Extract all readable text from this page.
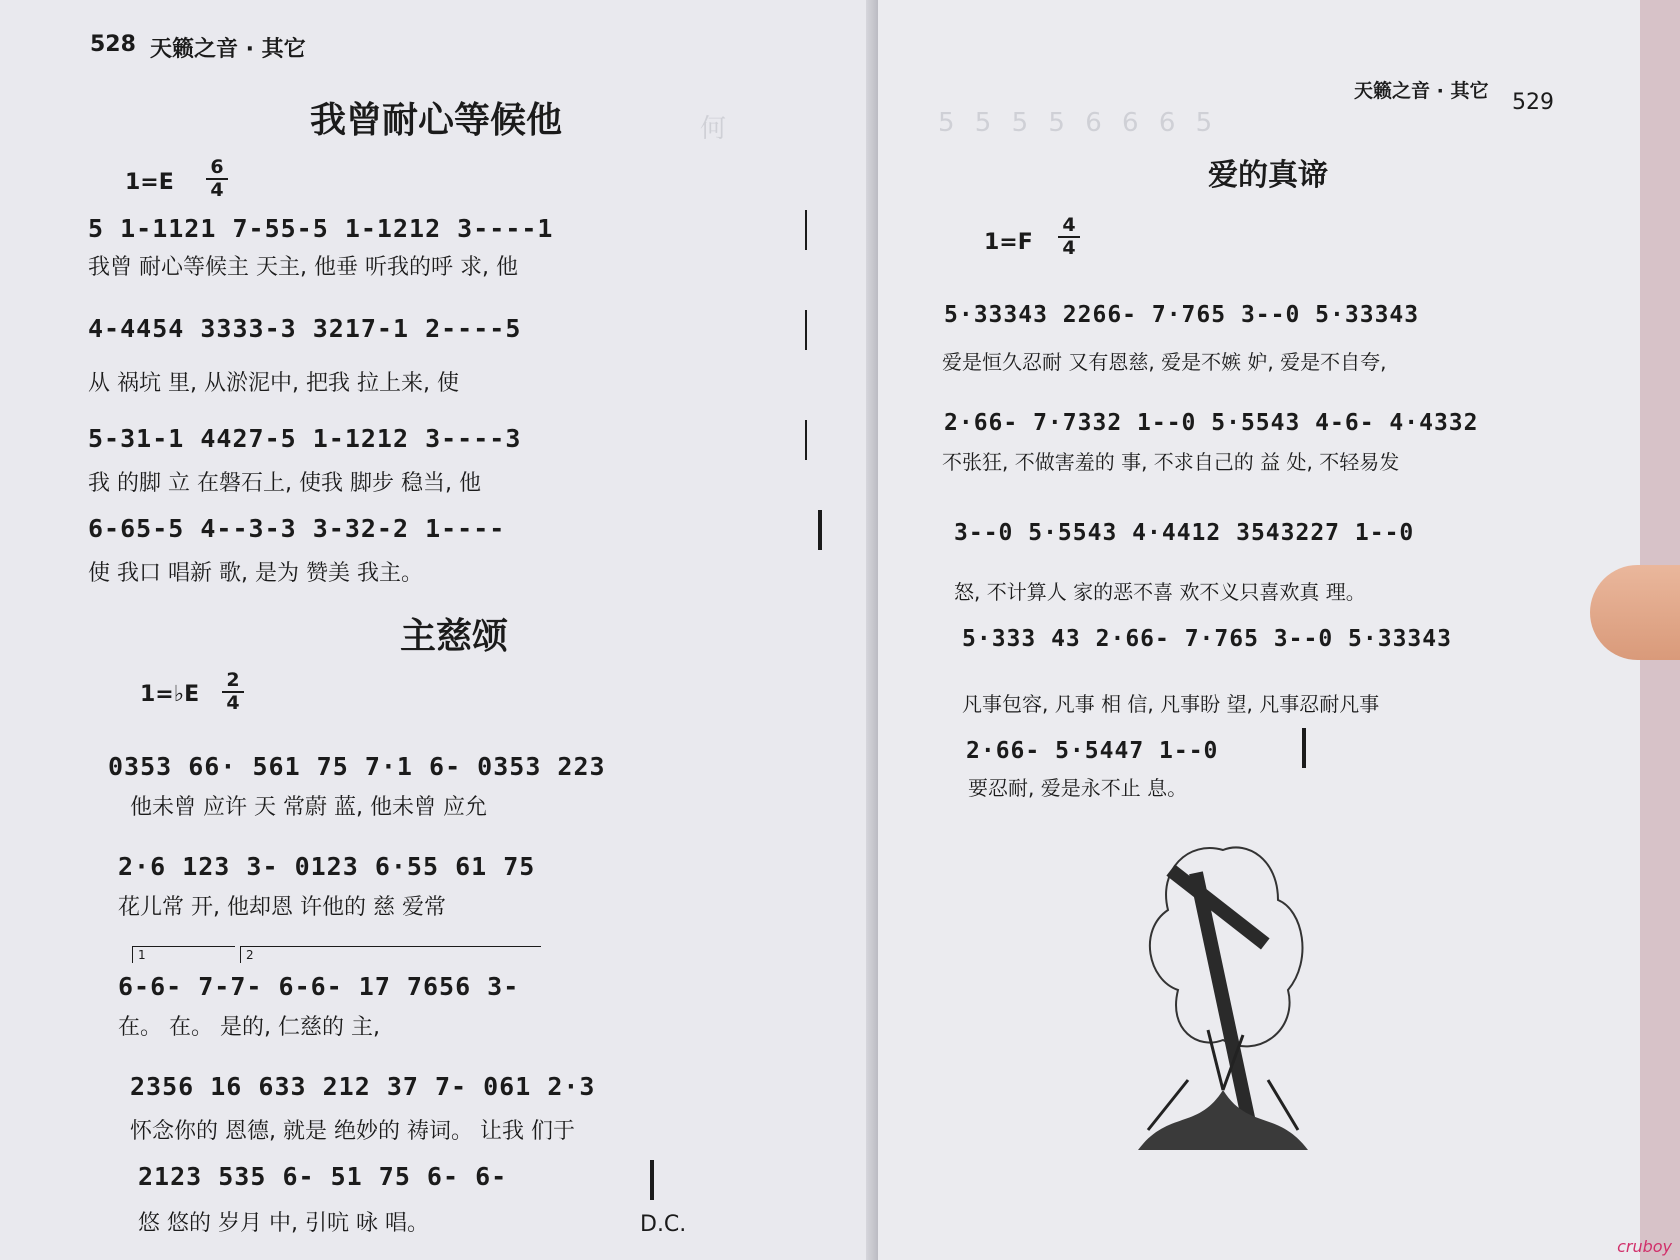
何
528 天籁之音 · 其它
我曾耐心等候他
$1=E \frac{6}{4}$
5 1-1121 7-55-5 1-1212 3----1
我曾 耐心等候主 天主, 他垂 听我的呼 求, 他
4-4454 3333-3 3217-1 2----5
从 祸坑 里, 从淤泥中, 把我 拉上来, 使
5-31-1 4427-5 1-1212 3----3
我 的脚 立 在磐石上, 使我 脚步 稳当, 他
6-65-5 4--3-3 3-32-2 1----
使 我口 唱新 歌, 是为 赞美 我主。
主慈颂
1=♭E $\frac{2}{4}$
0353 66· 561 75 7·1 6- 0353 223
他未曾 应许 天 常蔚 蓝, 他未曾 应允
2·6 123 3- 0123 6·55 61 75
花儿常 开, 他却恩 许他的 慈 爱常
1	2
6-6- 7-7- 6-6- 17 7656 3-
在。 在。 是的, 仁慈的 主,
2356 16 633 212 37 7- 061 2·3
怀念你的 恩德, 就是 绝妙的 祷词。 让我 们于
2123 535 6- 51 75 6- 6-
悠 悠的 岁月 中, 引吭 咏 唱。	D.C.
5 5 5 5 6 6 6 5
天籁之音 · 其它 529
爱的真谛
$1=F \frac{4}{4}$
5·33343 2266- 7·765 3--0 5·33343
爱是恒久忍耐 又有恩慈, 爱是不嫉 妒, 爱是不自夸,
2·66- 7·7332 1--0 5·5543 4-6- 4·4332
不张狂, 不做害羞的 事, 不求自己的 益 处, 不轻易发
3--0 5·5543 4·4412 3543227 1--0
怒, 不计算人 家的恶不喜 欢不义只喜欢真 理。
5·333 43 2·66- 7·765 3--0 5·33343
凡事包容, 凡事 相 信, 凡事盼 望, 凡事忍耐凡事
2·66- 5·5447 1--0
要忍耐, 爱是永不止 息。
cruboy
